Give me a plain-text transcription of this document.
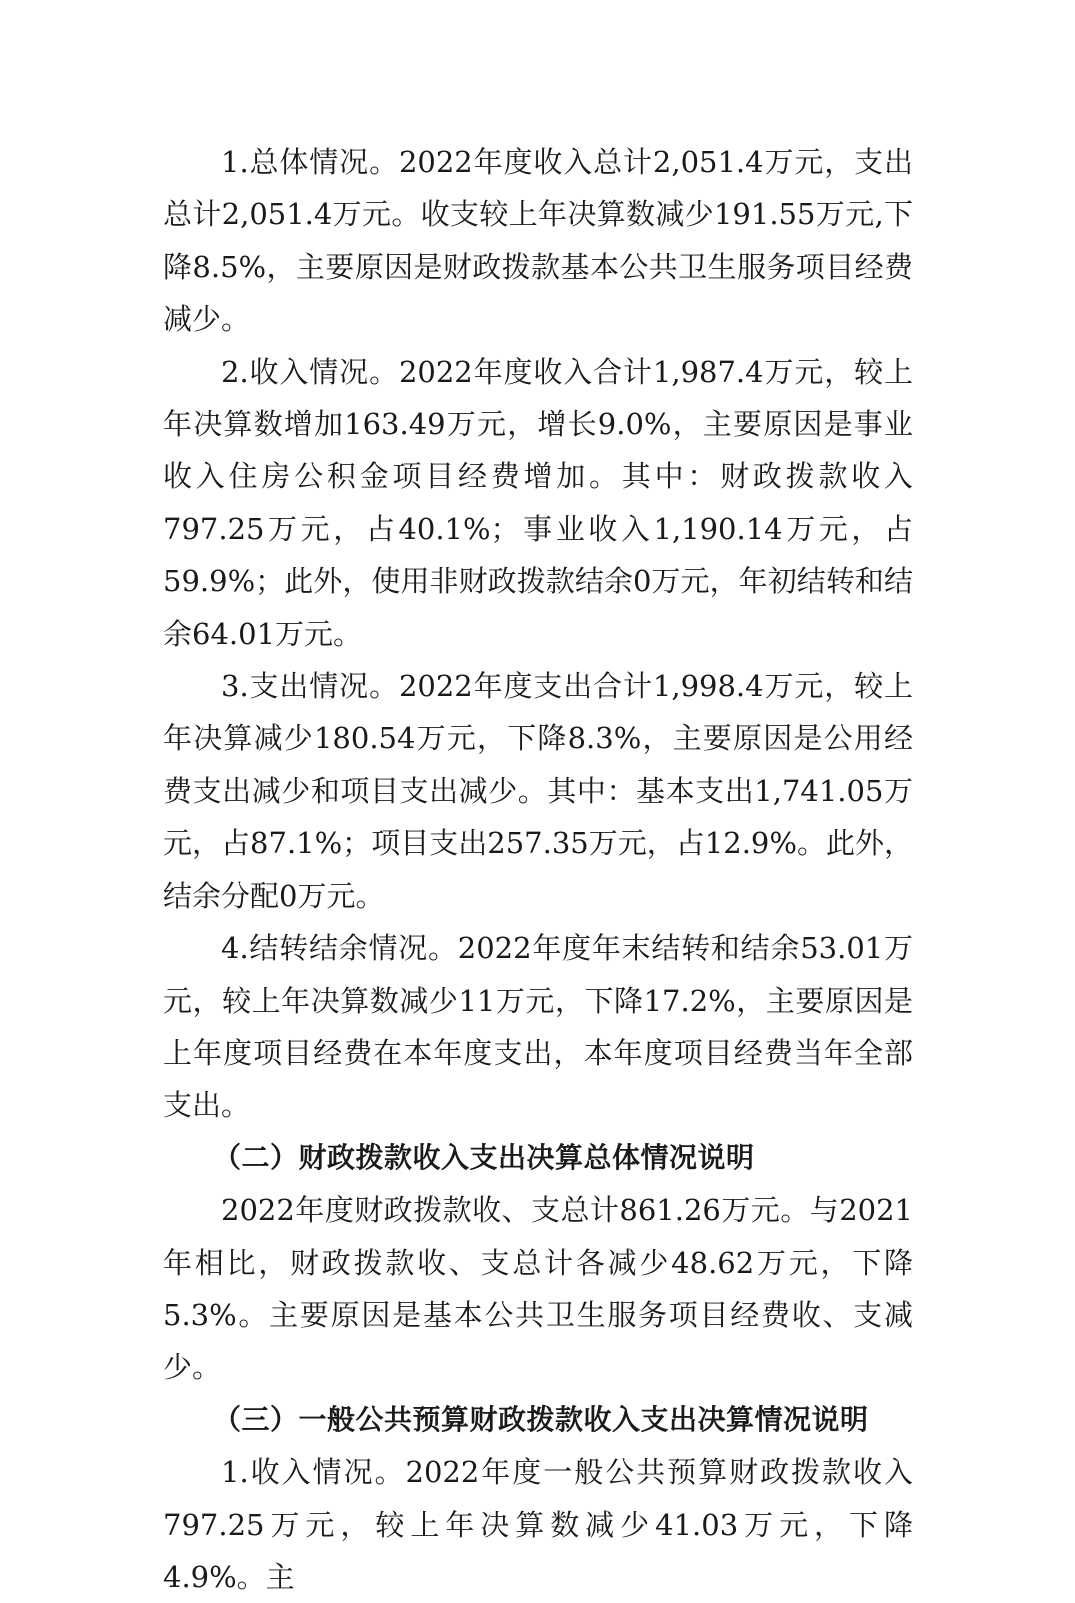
1.总体情况。2022年度收入总计2,051.4万元，支出总计2,051.4万元。收支较上年决算数减少191.55万元,下降8.5%，主要原因是财政拨款基本公共卫生服务项目经费减少。

2.收入情况。2022年度收入合计1,987.4万元，较上年决算数增加163.49万元，增长9.0%，主要原因是事业收入住房公积金项目经费增加。其中：财政拨款收入797.25万元，占40.1%；事业收入1,190.14万元，占59.9%；此外，使用非财政拨款结余0万元，年初结转和结余64.01万元。

3.支出情况。2022年度支出合计1,998.4万元，较上年决算减少180.54万元，下降8.3%，主要原因是公用经费支出减少和项目支出减少。其中：基本支出1,741.05万元，占87.1%；项目支出257.35万元，占12.9%。此外，结余分配0万元。

4.结转结余情况。2022年度年末结转和结余53.01万元，较上年决算数减少11万元，下降17.2%，主要原因是上年度项目经费在本年度支出，本年度项目经费当年全部支出。

（二）财政拨款收入支出决算总体情况说明

2022年度财政拨款收、支总计861.26万元。与2021年相比，财政拨款收、支总计各减少48.62万元，下降5.3%。主要原因是基本公共卫生服务项目经费收、支减少。

（三）一般公共预算财政拨款收入支出决算情况说明

1.收入情况。2022年度一般公共预算财政拨款收入797.25万元，较上年决算数减少41.03万元，下降4.9%。主
